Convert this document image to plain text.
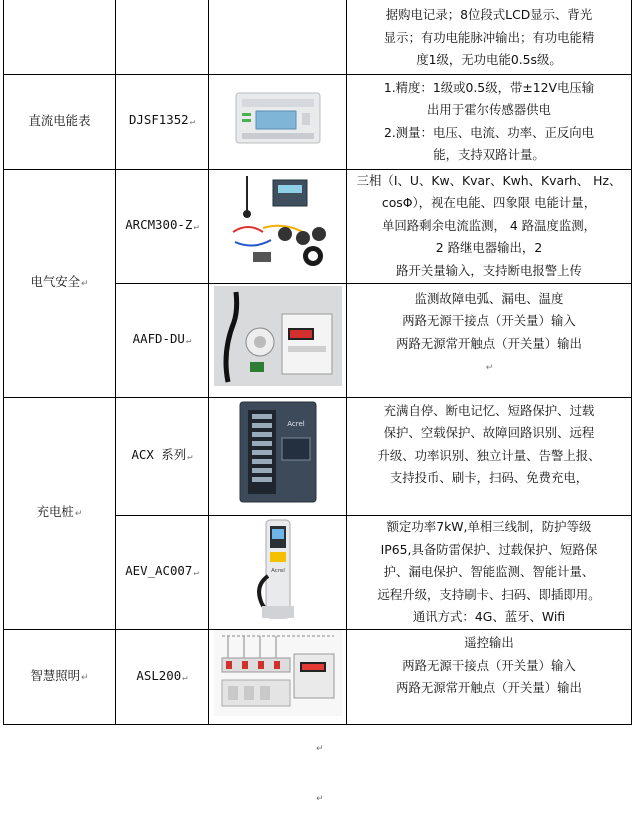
			据购电记录；8位段式LCD显示、背光
显示；有功电能脉冲输出；有功电能精
度1级，无功电能0.5s级。

直流电能表	DJSF1352↵		1.精度：1级或0.5级，带±12V电压输
出用于霍尔传感器供电
2.测量：电压、电流、功率、正反向电
能，支持双路计量。

电气安全↵	ARCM300-Z↵		三相（I、U、Kw、Kvar、Kwh、Kvarh、 Hz、
cosΦ），视在电能、四象限 电能计量，
单回路剩余电流监测， 4 路温度监测，
2 路继电器输出，2
路开关量输入，支持断电报警上传

	AAFD-DU↵		监测故障电弧、漏电、温度
两路无源干接点（开关量）输入
两路无源常开触点（开关量）输出
↵

充电桩↵	ACX 系列↵	Acrel	充满自停、断电记忆、短路保护、过载
保护、空载保护、故障回路识别、远程
升级、功率识别、独立计量、告警上报、
支持投币、刷卡，扫码、免费充电，

	AEV_AC007↵	Acrel	额定功率7kW,单相三线制，防护等级
IP65,具备防雷保护、过载保护、短路保
护、漏电保护、智能监测、智能计量、
远程升级，支持刷卡、扫码、即插即用。
通讯方式：4G、蓝牙、Wifi

智慧照明↵	ASL200↵		遥控输出
两路无源干接点（开关量）输入
两路无源常开触点（开关量）输出
↵
↵
